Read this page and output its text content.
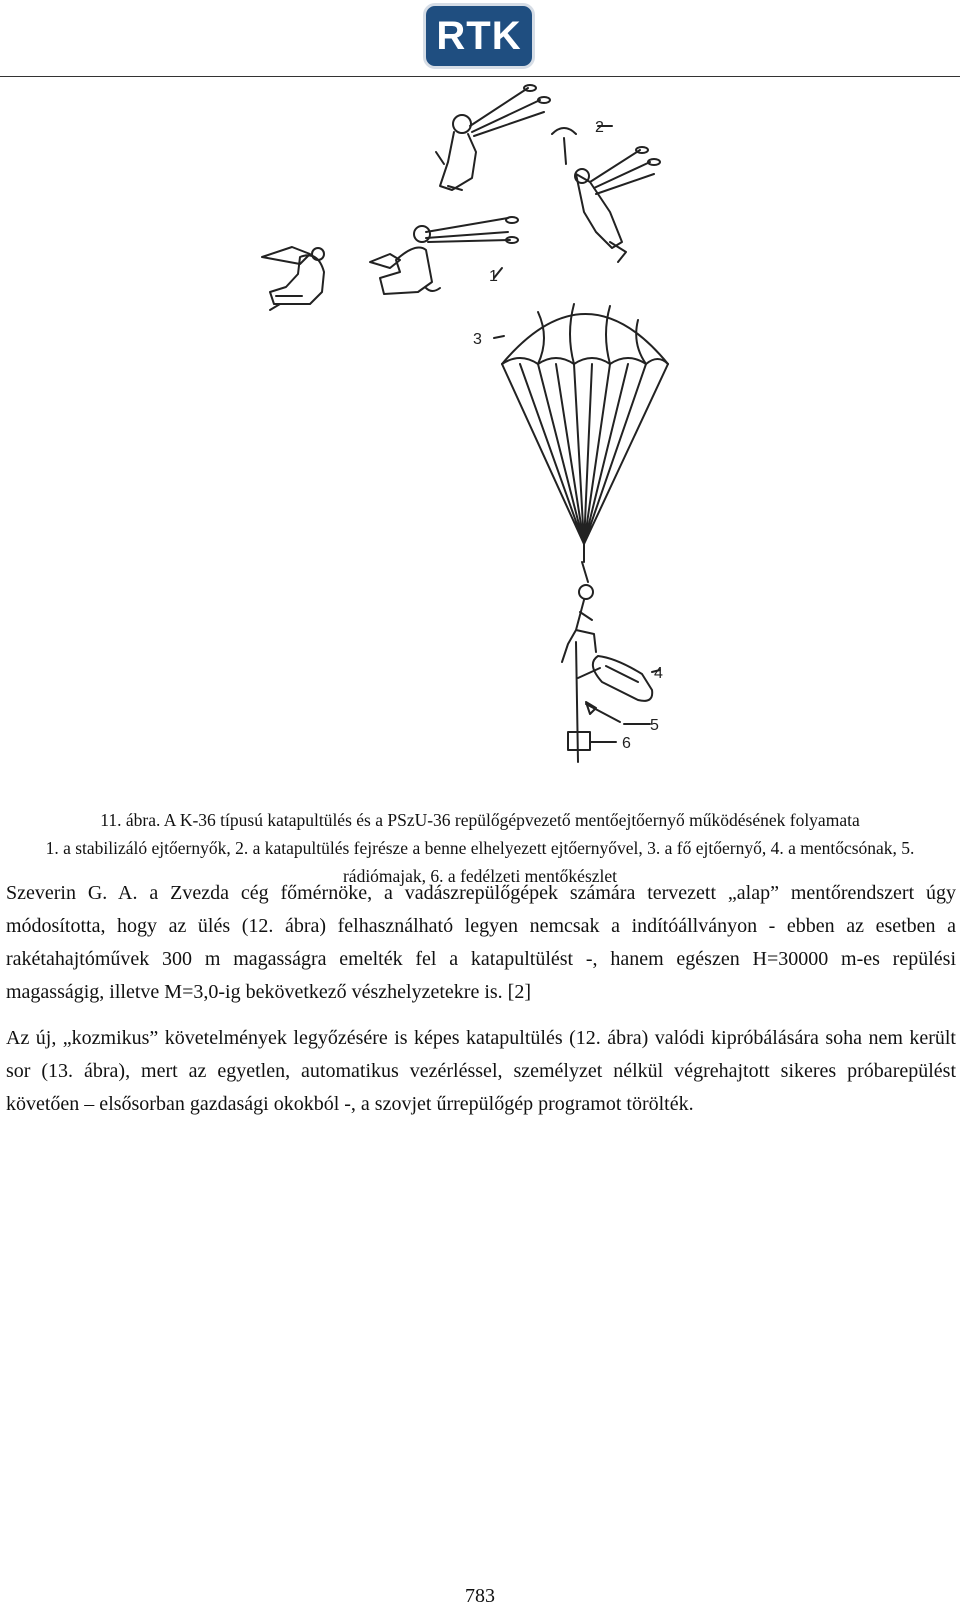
RTK
1
2
3
4
5
6

11. ábra. A K-36 típusú katapultülés és a PSzU-36 repülőgépvezető mentőejtőernyő működésének folyamata

1. a stabilizáló ejtőernyők, 2. a katapultülés fejrésze a benne elhelyezett ejtőernyővel, 3. a fő ejtőernyő, 4. a mentőcsónak, 5. rádiómajak, 6. a fedélzeti mentőkészlet

Szeverin G. A. a Zvezda cég főmérnöke, a vadászrepülőgépek számára tervezett „alap” mentőrendszert úgy módosította, hogy az ülés (12. ábra) felhasználható legyen nemcsak a indítóállványon - ebben az esetben a rakétahajtóművek 300 m magasságra emelték fel a katapultülést -, hanem egészen H=30000 m-es repülési magasságig, illetve M=3,0-ig bekövetkező vészhelyzetekre is. [2]

Az új, „kozmikus” követelmények legyőzésére is képes katapultülés (12. ábra) valódi kipróbálására soha nem került sor (13. ábra), mert az egyetlen, automatikus vezérléssel, személyzet nélkül végrehajtott sikeres próbarepülést követően – elsősorban gazdasági okokból -, a szovjet űrrepülőgép programot törölték.

783
